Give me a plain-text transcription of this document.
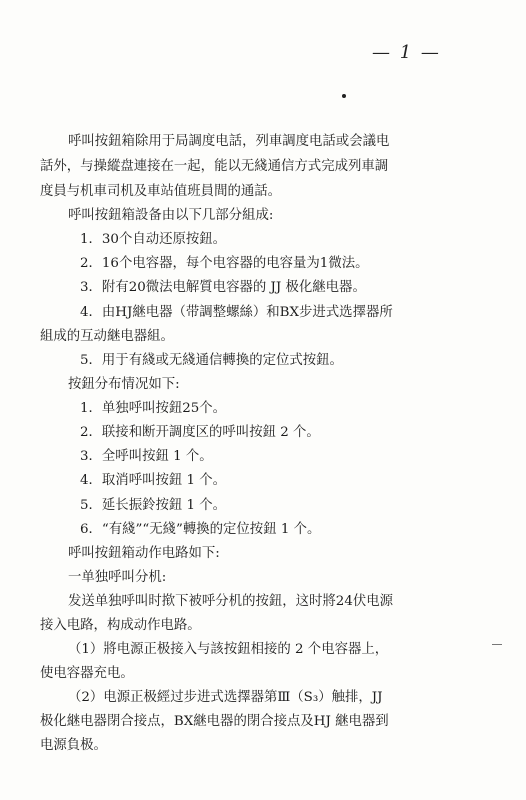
— 1 —
呼叫按鈕箱除用于局調度电話，列車調度电話或会議电
話外，与操縱盘連接在一起，能以无綫通信方式完成列車調
度員与机車司机及車站值班員間的通話。
呼叫按鈕箱設备由以下几部分組成:
1．30个自动还原按鈕。
2．16个电容器，每个电容器的电容量为1微法。
3．附有20微法电解質电容器的 JJ 极化継电器。
4．由HJ継电器（带調整螺絲）和BX步进式选擇器所
組成的互动継电器組。
5．用于有綫或无綫通信轉換的定位式按鈕。
按鈕分布情况如下:
1．单独呼叫按鈕25个。
2．联接和断开調度区的呼叫按鈕 2 个。
3．全呼叫按鈕 1 个。
4．取消呼叫按鈕 1 个。
5．延长振鈴按鈕 1 个。
6．“有綫”“无綫”轉換的定位按鈕 1 个。
呼叫按鈕箱动作电路如下:
一单独呼叫分机:
发送单独呼叫时揿下被呼分机的按鈕，这时將24伏电源
接入电路，构成动作电路。
（1）將电源正极接入与該按鈕相接的 2 个电容器上，
使电容器充电。
（2）电源正极經过步进式选擇器第Ⅲ（S₃）触排，JJ
极化継电器閉合接点，BX継电器的閉合接点及HJ 継电器到
电源負极。
